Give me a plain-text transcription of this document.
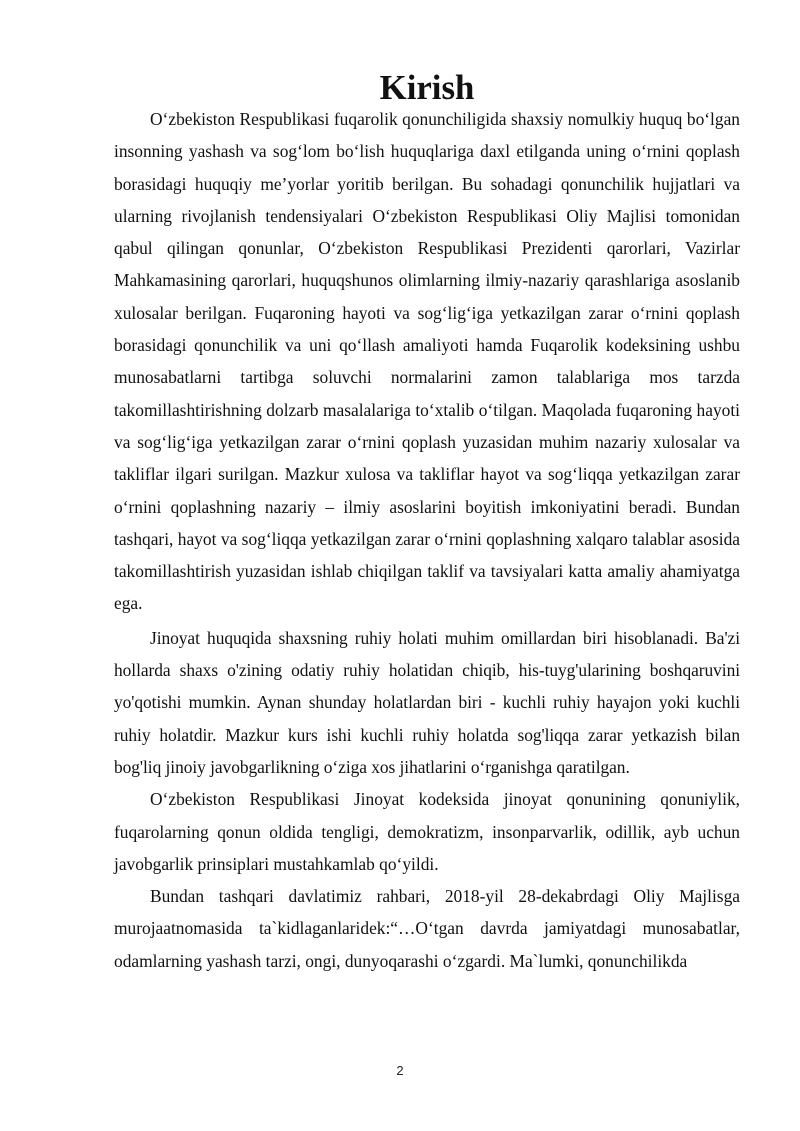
Kirish

O‘zbekiston Respublikasi fuqarolik qonunchiligida shaxsiy nomulkiy huquq bo‘lgan insonning yashash va sog‘lom bo‘lish huquqlariga daxl etilganda uning o‘rnini qoplash borasidagi huquqiy me’yorlar yoritib berilgan. Bu sohadagi qonunchilik hujjatlari va ularning rivojlanish tendensiyalari O‘zbekiston Respublikasi Oliy Majlisi tomonidan qabul qilingan qonunlar, O‘zbekiston Respublikasi Prezidenti qarorlari, Vazirlar Mahkamasining qarorlari, huquqshunos olimlarning ilmiy-nazariy qarashlariga asoslanib xulosalar berilgan. Fuqaroning hayoti va sog‘lig‘iga yetkazilgan zarar o‘rnini qoplash borasidagi qonunchilik va uni qo‘llash amaliyoti hamda Fuqarolik kodeksining ushbu munosabatlarni tartibga soluvchi normalarini zamon talablariga mos tarzda takomillashtirishning dolzarb masalalariga to‘xtalib o‘tilgan. Maqolada fuqaroning hayoti va sog‘lig‘iga yetkazilgan zarar o‘rnini qoplash yuzasidan muhim nazariy xulosalar va takliflar ilgari surilgan. Mazkur xulosa va takliflar hayot va sog‘liqqa yetkazilgan zarar o‘rnini qoplashning nazariy – ilmiy asoslarini boyitish imkoniyatini beradi. Bundan tashqari, hayot va sog‘liqqa yetkazilgan zarar o‘rnini qoplashning xalqaro talablar asosida takomillashtirish yuzasidan ishlab chiqilgan taklif va tavsiyalari katta amaliy ahamiyatga ega.

Jinoyat huquqida shaxsning ruhiy holati muhim omillardan biri hisoblanadi. Ba'zi hollarda shaxs o'zining odatiy ruhiy holatidan chiqib, his-tuyg'ularining boshqaruvini yo'qotishi mumkin. Aynan shunday holatlardan biri - kuchli ruhiy hayajon yoki kuchli ruhiy holatdir. Mazkur kurs ishi kuchli ruhiy holatda sog'liqqa zarar yetkazish bilan bog'liq jinoiy javobgarlikning o‘ziga xos jihatlarini o‘rganishga qaratilgan.

O‘zbekiston Respublikasi Jinoyat kodeksida jinoyat qonunining qonuniylik, fuqarolarning qonun oldida tengligi, demokratizm, insonparvarlik, odillik, ayb uchun javobgarlik prinsiplari mustahkamlab qo‘yildi.

Bundan tashqari davlatimiz rahbari, 2018-yil 28-dekabrdagi Oliy Majlisga murojaatnomasida ta`kidlaganlaridek:“…O‘tgan davrda jamiyatdagi munosabatlar, odamlarning yashash tarzi, ongi, dunyoqarashi o‘zgardi. Ma`lumki, qonunchilikda

2
